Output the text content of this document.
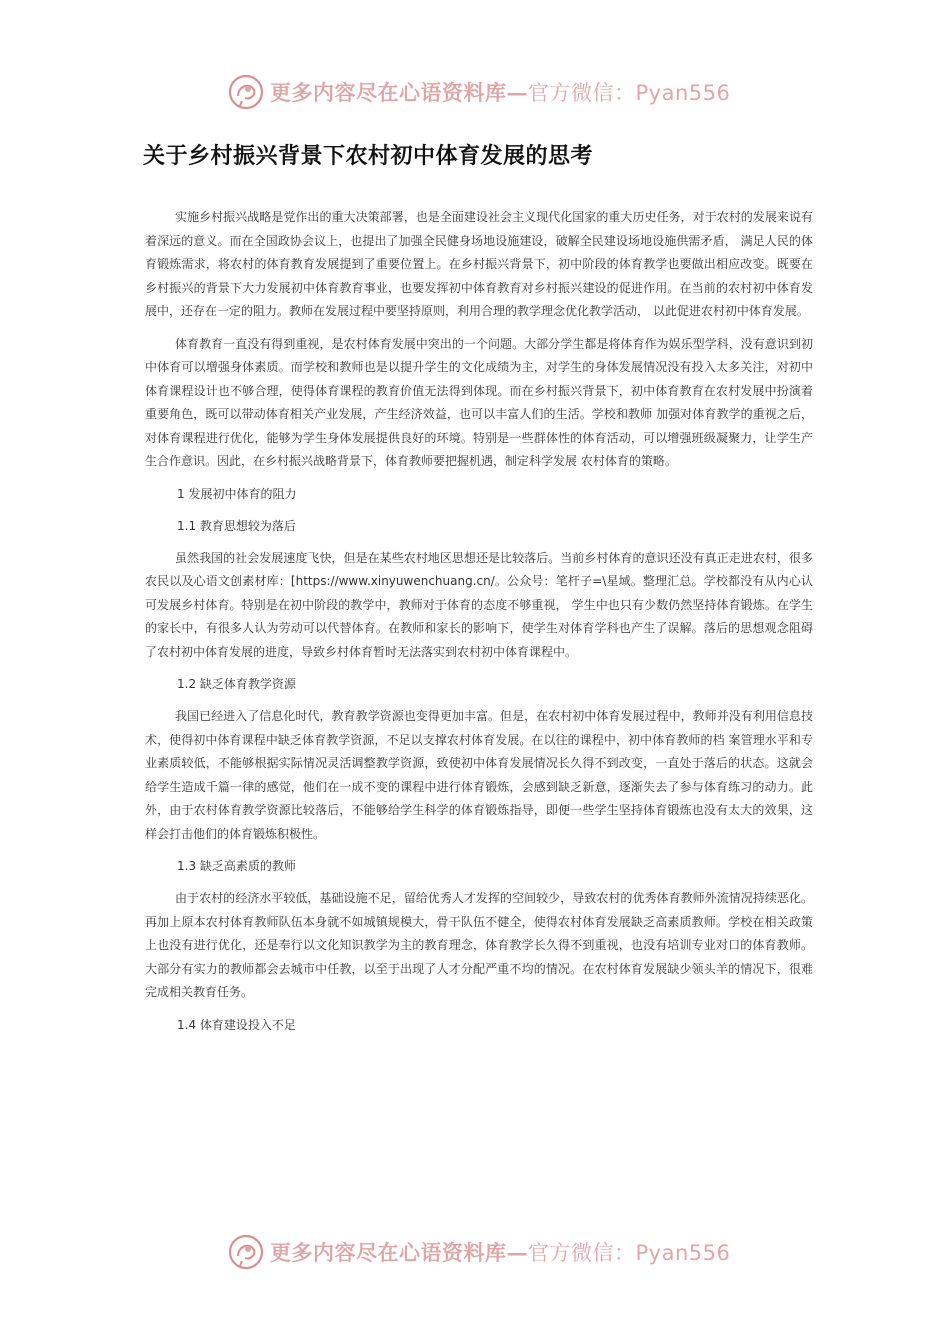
更多内容尽在心语资料库—官方微信：Pyan556
关于乡村振兴背景下农村初中体育发展的思考

实施乡村振兴战略是党作出的重大决策部署，也是全面建设社会主义现代化国家的重大历史任务，对于农村的发展来说有着深远的意义。而在全国政协会议上，也提出了加强全民健身场地设施建设，破解全民建设场地设施供需矛盾， 满足人民的体育锻炼需求，将农村的体育教育发展提到了重要位置上。在乡村振兴背景下，初中阶段的体育教学也要做出相应改变。既要在乡村振兴的背景下大力发展初中体育教育事业，也要发挥初中体育教育对乡村振兴建设的促进作用。在当前的农村初中体育发展中，还存在一定的阻力。教师在发展过程中要坚持原则，利用合理的教学理念优化教学活动， 以此促进农村初中体育发展。

体育教育一直没有得到重视，是农村体育发展中突出的一个问题。大部分学生都是将体育作为娱乐型学科，没有意识到初中体育可以增强身体素质。而学校和教师也是以提升学生的文化成绩为主，对学生的身体发展情况没有投入太多关注，对初中体育课程设计也不够合理，使得体育课程的教育价值无法得到体现。而在乡村振兴背景下，初中体育教育在农村发展中扮演着重要角色，既可以带动体育相关产业发展，产生经济效益，也可以丰富人们的生活。学校和教师 加强对体育教学的重视之后，对体育课程进行优化，能够为学生身体发展提供良好的环境。特别是一些群体性的体育活动，可以增强班级凝聚力，让学生产生合作意识。因此，在乡村振兴战略背景下，体育教师要把握机遇，制定科学发展 农村体育的策略。

1 发展初中体育的阻力
1.1 教育思想较为落后

虽然我国的社会发展速度飞快，但是在某些农村地区思想还是比较落后。当前乡村体育的意识还没有真正走进农村，很多农民以及心语文创素材库：[https://www.xinyuwenchuang.cn/。公众号：笔杆子=\星域。整理汇总。学校都没有从内心认可发展乡村体育。特别是在初中阶段的教学中，教师对于体育的态度不够重视， 学生中也只有少数仍然坚持体育锻炼。在学生的家长中，有很多人认为劳动可以代替体育。在教师和家长的影响下，使学生对体育学科也产生了误解。落后的思想观念阻碍了农村初中体育发展的进度，导致乡村体育暂时无法落实到农村初中体育课程中。

1.2 缺乏体育教学资源

我国已经进入了信息化时代，教育教学资源也变得更加丰富。但是，在农村初中体育发展过程中，教师并没有利用信息技术，使得初中体育课程中缺乏体育教学资源，不足以支撑农村体育发展。在以往的课程中，初中体育教师的档 案管理水平和专业素质较低，不能够根据实际情况灵活调整教学资源，致使初中体育发展情况长久得不到改变，一直处于落后的状态。这就会给学生造成千篇一律的感觉，他们在一成不变的课程中进行体育锻炼，会感到缺乏新意，逐渐失去了参与体育练习的动力。此外，由于农村体育教学资源比较落后，不能够给学生科学的体育锻炼指导，即便一些学生坚持体育锻炼也没有太大的效果，这样会打击他们的体育锻炼积极性。

1.3 缺乏高素质的教师

由于农村的经济水平较低，基础设施不足，留给优秀人才发挥的空间较少，导致农村的优秀体育教师外流情况持续恶化。再加上原本农村体育教师队伍本身就不如城镇规模大，骨干队伍不健全，使得农村体育发展缺乏高素质教师。学校在相关政策上也没有进行优化，还是奉行以文化知识教学为主的教育理念，体育教学长久得不到重视，也没有培训专业对口的体育教师。大部分有实力的教师都会去城市中任教，以至于出现了人才分配严重不均的情况。在农村体育发展缺少领头羊的情况下，很难完成相关教育任务。

1.4 体育建设投入不足
更多内容尽在心语资料库—官方微信：Pyan556
